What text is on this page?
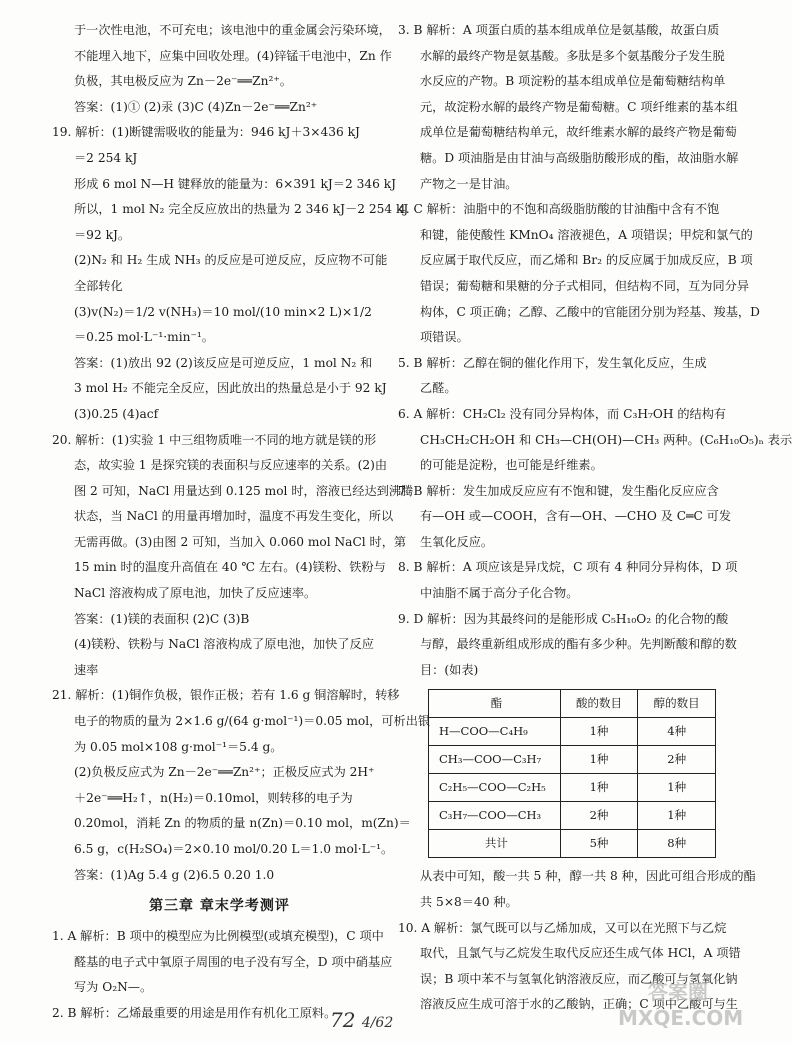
于一次性电池，不可充电；该电池中的重金属会污染环境，
不能埋入地下，应集中回收处理。(4)锌锰干电池中，Zn 作
负极，其电极反应为 Zn－2e⁻══Zn²⁺。
答案：(1)① (2)汞 (3)C (4)Zn－2e⁻══Zn²⁺
19. 解析：(1)断键需吸收的能量为：946 kJ＋3×436 kJ
＝2 254 kJ
形成 6 mol N—H 键释放的能量为：6×391 kJ＝2 346 kJ
所以，1 mol N₂ 完全反应放出的热量为 2 346 kJ－2 254 kJ
＝92 kJ。
(2)N₂ 和 H₂ 生成 NH₃ 的反应是可逆反应，反应物不可能
全部转化
(3)v(N₂)＝1/2 v(NH₃)＝10 mol/(10 min×2 L)×1/2
＝0.25 mol·L⁻¹·min⁻¹。
答案：(1)放出 92 (2)该反应是可逆反应，1 mol N₂ 和
3 mol H₂ 不能完全反应，因此放出的热量总是小于 92 kJ
(3)0.25 (4)acf
20. 解析：(1)实验 1 中三组物质唯一不同的地方就是镁的形
态，故实验 1 是探究镁的表面积与反应速率的关系。(2)由
图 2 可知，NaCl 用量达到 0.125 mol 时，溶液已经达到沸腾
状态，当 NaCl 的用量再增加时，温度不再发生变化，所以
无需再做。(3)由图 2 可知，当加入 0.060 mol NaCl 时，第
15 min 时的温度升高值在 40 ℃ 左右。(4)镁粉、铁粉与
NaCl 溶液构成了原电池，加快了反应速率。
答案：(1)镁的表面积 (2)C (3)B
(4)镁粉、铁粉与 NaCl 溶液构成了原电池，加快了反应
速率
21. 解析：(1)铜作负极，银作正极；若有 1.6 g 铜溶解时，转移
电子的物质的量为 2×1.6 g/(64 g·mol⁻¹)＝0.05 mol，可析出银
为 0.05 mol×108 g·mol⁻¹＝5.4 g。
(2)负极反应式为 Zn－2e⁻══Zn²⁺；正极反应式为 2H⁺
＋2e⁻══H₂↑，n(H₂)＝0.10mol，则转移的电子为
0.20mol，消耗 Zn 的物质的量 n(Zn)＝0.10 mol，m(Zn)＝
6.5 g，c(H₂SO₄)＝2×0.10 mol/0.20 L＝1.0 mol·L⁻¹。
答案：(1)Ag 5.4 g (2)6.5 0.20 1.0
第三章 章末学考测评
1. A 解析：B 项中的模型应为比例模型(或填充模型)，C 项中
醛基的电子式中氧原子周围的电子没有写全，D 项中硝基应
写为 O₂N—。
2. B 解析：乙烯最重要的用途是用作有机化工原料。
3. B 解析：A 项蛋白质的基本组成单位是氨基酸，故蛋白质
水解的最终产物是氨基酸。多肽是多个氨基酸分子发生脱
水反应的产物。B 项淀粉的基本组成单位是葡萄糖结构单
元，故淀粉水解的最终产物是葡萄糖。C 项纤维素的基本组
成单位是葡萄糖结构单元，故纤维素水解的最终产物是葡萄
糖。D 项油脂是由甘油与高级脂肪酸形成的酯，故油脂水解
产物之一是甘油。
4. C 解析：油脂中的不饱和高级脂肪酸的甘油酯中含有不饱
和键，能使酸性 KMnO₄ 溶液褪色，A 项错误；甲烷和氯气的
反应属于取代反应，而乙烯和 Br₂ 的反应属于加成反应，B 项
错误；葡萄糖和果糖的分子式相同，但结构不同，互为同分异
构体，C 项正确；乙醇、乙酸中的官能团分别为羟基、羧基，D
项错误。
5. B 解析：乙醇在铜的催化作用下，发生氧化反应，生成
乙醛。
6. A 解析：CH₂Cl₂ 没有同分异构体，而 C₃H₇OH 的结构有
CH₃CH₂CH₂OH 和 CH₃—CH(OH)—CH₃ 两种。(C₆H₁₀O₅)ₙ 表示
的可能是淀粉，也可能是纤维素。
7. B 解析：发生加成反应应有不饱和键，发生酯化反应应含
有—OH 或—COOH，含有—OH、—CHO 及 C═C 可发
生氧化反应。
8. B 解析：A 项应该是异戊烷，C 项有 4 种同分异构体，D 项
中油脂不属于高分子化合物。
9. D 解析：因为其最终问的是能形成 C₅H₁₀O₂ 的化合物的酸
与醇，最终重新组成形成的酯有多少种。先判断酸和醇的数
目：(如表)
酯	酸的数目	醇的数目
H—COO—C₄H₉	1种	4种
CH₃—COO—C₃H₇	1种	2种
C₂H₅—COO—C₂H₅	1种	1种
C₃H₇—COO—CH₃	2种	1种
共计	5种	8种
从表中可知，酸一共 5 种，醇一共 8 种，因此可组合形成的酯
共 5×8＝40 种。
10. A 解析：氯气既可以与乙烯加成，又可以在光照下与乙烷
取代，且氯气与乙烷发生取代反应还生成气体 HCl，A 项错
误；B 项中苯不与氢氧化钠溶液反应，而乙酸可与氢氧化钠
溶液反应生成可溶于水的乙酸钠，正确；C 项中乙酸可与生
72 4/62
答案圈
MXQE.COM
